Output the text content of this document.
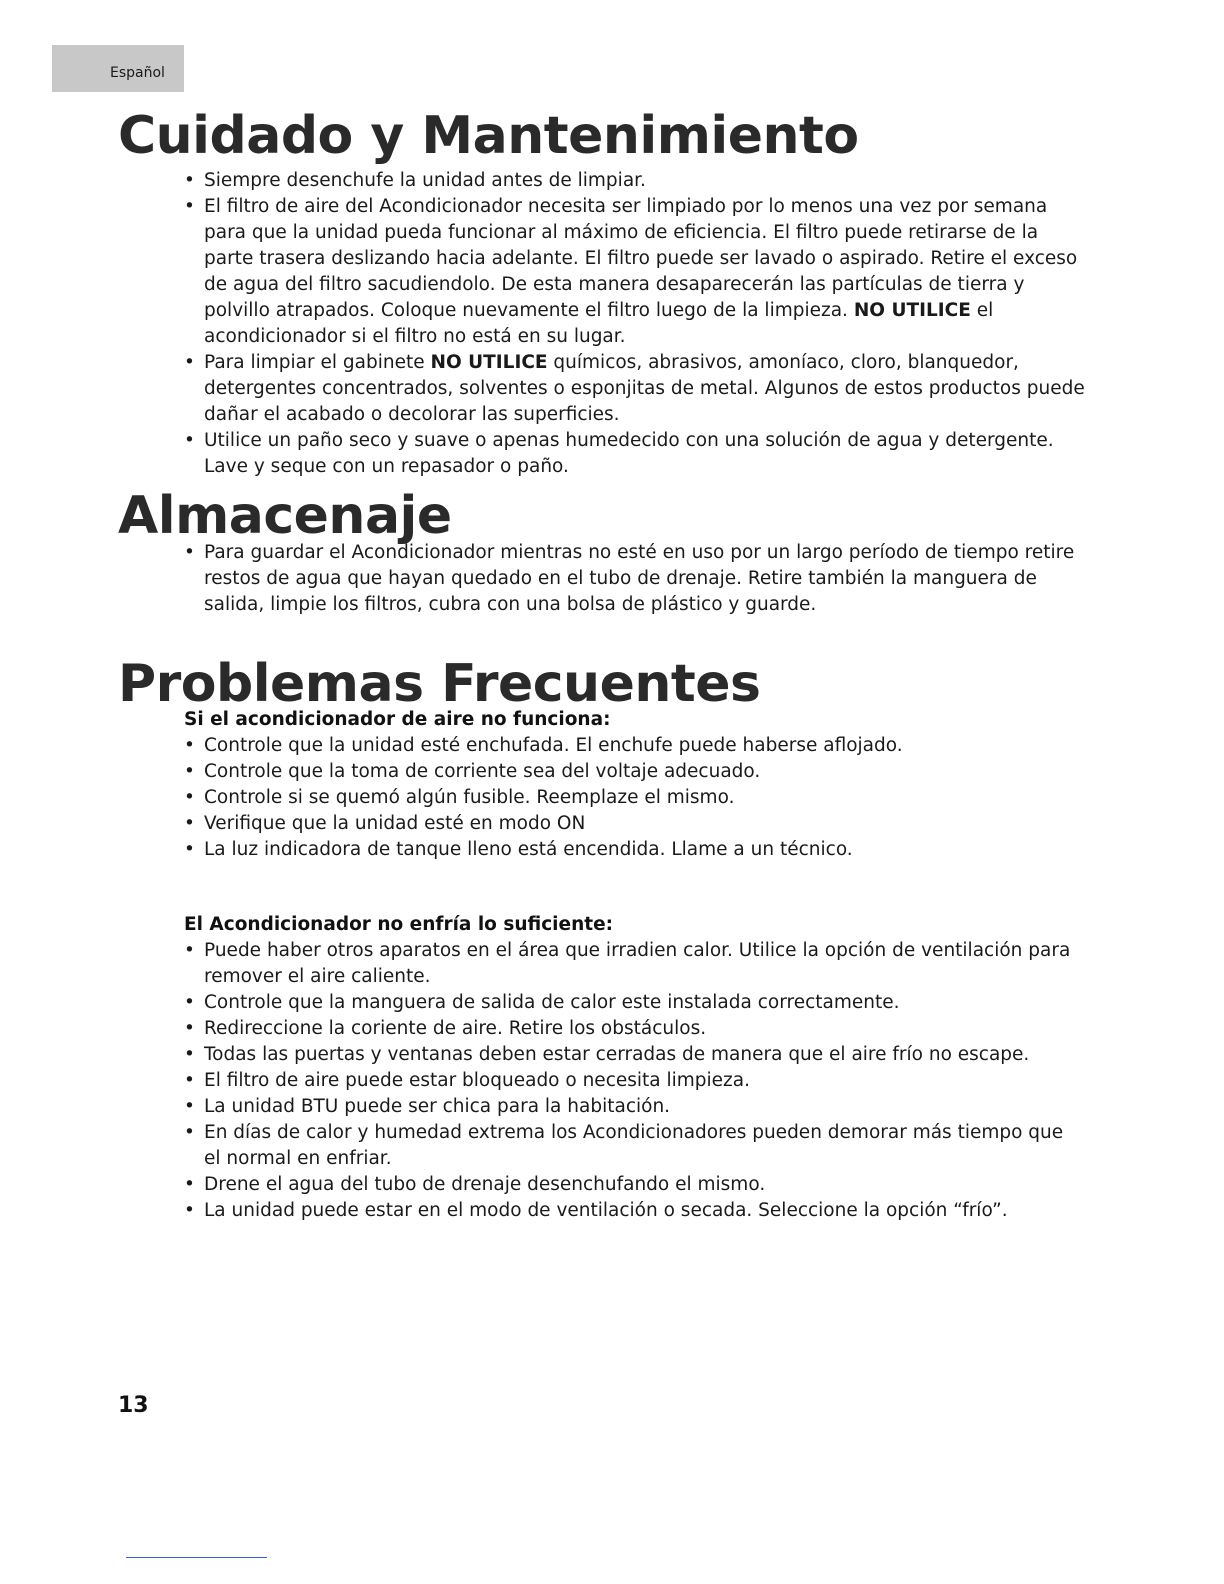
Español
Cuidado y Mantenimiento
• Siempre desenchufe la unidad antes de limpiar.
• El filtro de aire del Acondicionador necesita ser limpiado por lo menos una vez por semana para que la unidad pueda funcionar al máximo de eficiencia. El filtro puede retirarse de la parte trasera deslizando hacia adelante. El filtro puede ser lavado o aspirado. Retire el exceso de agua del filtro sacudiendolo. De esta manera desaparecerán las partículas de tierra y polvillo atrapados. Coloque nuevamente el filtro luego de la limpieza. NO UTILICE el acondicionador si el filtro no está en su lugar.
• Para limpiar el gabinete NO UTILICE químicos, abrasivos, amoníaco, cloro, blanquedor, detergentes concentrados, solventes o esponjitas de metal. Algunos de estos productos puede dañar el acabado o decolorar las superficies.
• Utilice un paño seco y suave o apenas humedecido con una solución de agua y detergente. Lave y seque con un repasador o paño.
Almacenaje
• Para guardar el Acondicionador mientras no esté en uso por un largo período de tiempo retire restos de agua que hayan quedado en el tubo de drenaje. Retire también la manguera de salida, limpie los filtros, cubra con una bolsa de plástico y guarde.
Problemas Frecuentes
Si el acondicionador de aire no funciona:
• Controle que la unidad esté enchufada. El enchufe puede haberse aflojado.
• Controle que la toma de corriente sea del voltaje adecuado.
• Controle si se quemó algún fusible. Reemplaze el mismo.
• Verifique que la unidad esté en modo ON
• La luz indicadora de tanque lleno está encendida. Llame a un técnico.
El Acondicionador no enfría lo suficiente:
• Puede haber otros aparatos en el área que irradien calor. Utilice la opción de ventilación para remover el aire caliente.
• Controle que la manguera de salida de calor este instalada correctamente.
• Redireccione la coriente de aire. Retire los obstáculos.
• Todas las puertas y ventanas deben estar cerradas de manera que el aire frío no escape.
• El filtro de aire puede estar bloqueado o necesita limpieza.
• La unidad BTU puede ser chica para la habitación.
• En días de calor y humedad extrema los Acondicionadores pueden demorar más tiempo que el normal en enfriar.
• Drene el agua del tubo de drenaje desenchufando el mismo.
• La unidad puede estar en el modo de ventilación o secada. Seleccione la opción “frío”.
13
